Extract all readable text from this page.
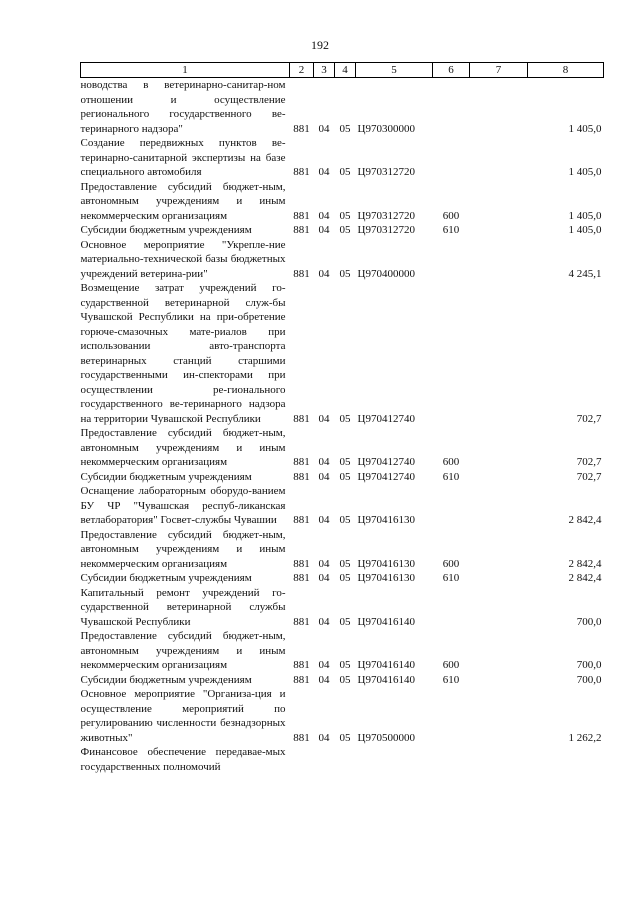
192
1	2	3	4	5	6	7	8
новодства в ветеринарно-санитар-ном отношении и осуществление регионального государственного ве-теринарного надзора"	881	04	05	Ц970300000			1 405,0
Создание передвижных пунктов ве-теринарно-санитарной экспертизы на базе специального автомобиля	881	04	05	Ц970312720			1 405,0
Предоставление субсидий бюджет-ным, автономным учреждениям и иным некоммерческим организациям	881	04	05	Ц970312720	600		1 405,0
Субсидии бюджетным учреждениям	881	04	05	Ц970312720	610		1 405,0
Основное мероприятие "Укрепле-ние материально-технической базы бюджетных учреждений ветерина-рии"	881	04	05	Ц970400000			4 245,1
Возмещение затрат учреждений го-сударственной ветеринарной служ-бы Чувашской Республики на при-обретение горюче-смазочных мате-риалов при использовании авто-транспорта ветеринарных станций старшими государственными ин-спекторами при осуществлении ре-гионального государственного ве-теринарного надзора на территории Чувашской Республики	881	04	05	Ц970412740			702,7
Предоставление субсидий бюджет-ным, автономным учреждениям и иным некоммерческим организациям	881	04	05	Ц970412740	600		702,7
Субсидии бюджетным учреждениям	881	04	05	Ц970412740	610		702,7
Оснащение лабораторным оборудо-ванием БУ ЧР "Чувашская респуб-ликанская ветлаборатория" Госвет-службы Чувашии	881	04	05	Ц970416130			2 842,4
Предоставление субсидий бюджет-ным, автономным учреждениям и иным некоммерческим организациям	881	04	05	Ц970416130	600		2 842,4
Субсидии бюджетным учреждениям	881	04	05	Ц970416130	610		2 842,4
Капитальный ремонт учреждений го-сударственной ветеринарной службы Чувашской Республики	881	04	05	Ц970416140			700,0
Предоставление субсидий бюджет-ным, автономным учреждениям и иным некоммерческим организациям	881	04	05	Ц970416140	600		700,0
Субсидии бюджетным учреждениям	881	04	05	Ц970416140	610		700,0
Основное мероприятие "Организа-ция и осуществление мероприятий по регулированию численности безнадзорных животных"	881	04	05	Ц970500000			1 262,2
Финансовое обеспечение передавае-мых государственных полномочий							
